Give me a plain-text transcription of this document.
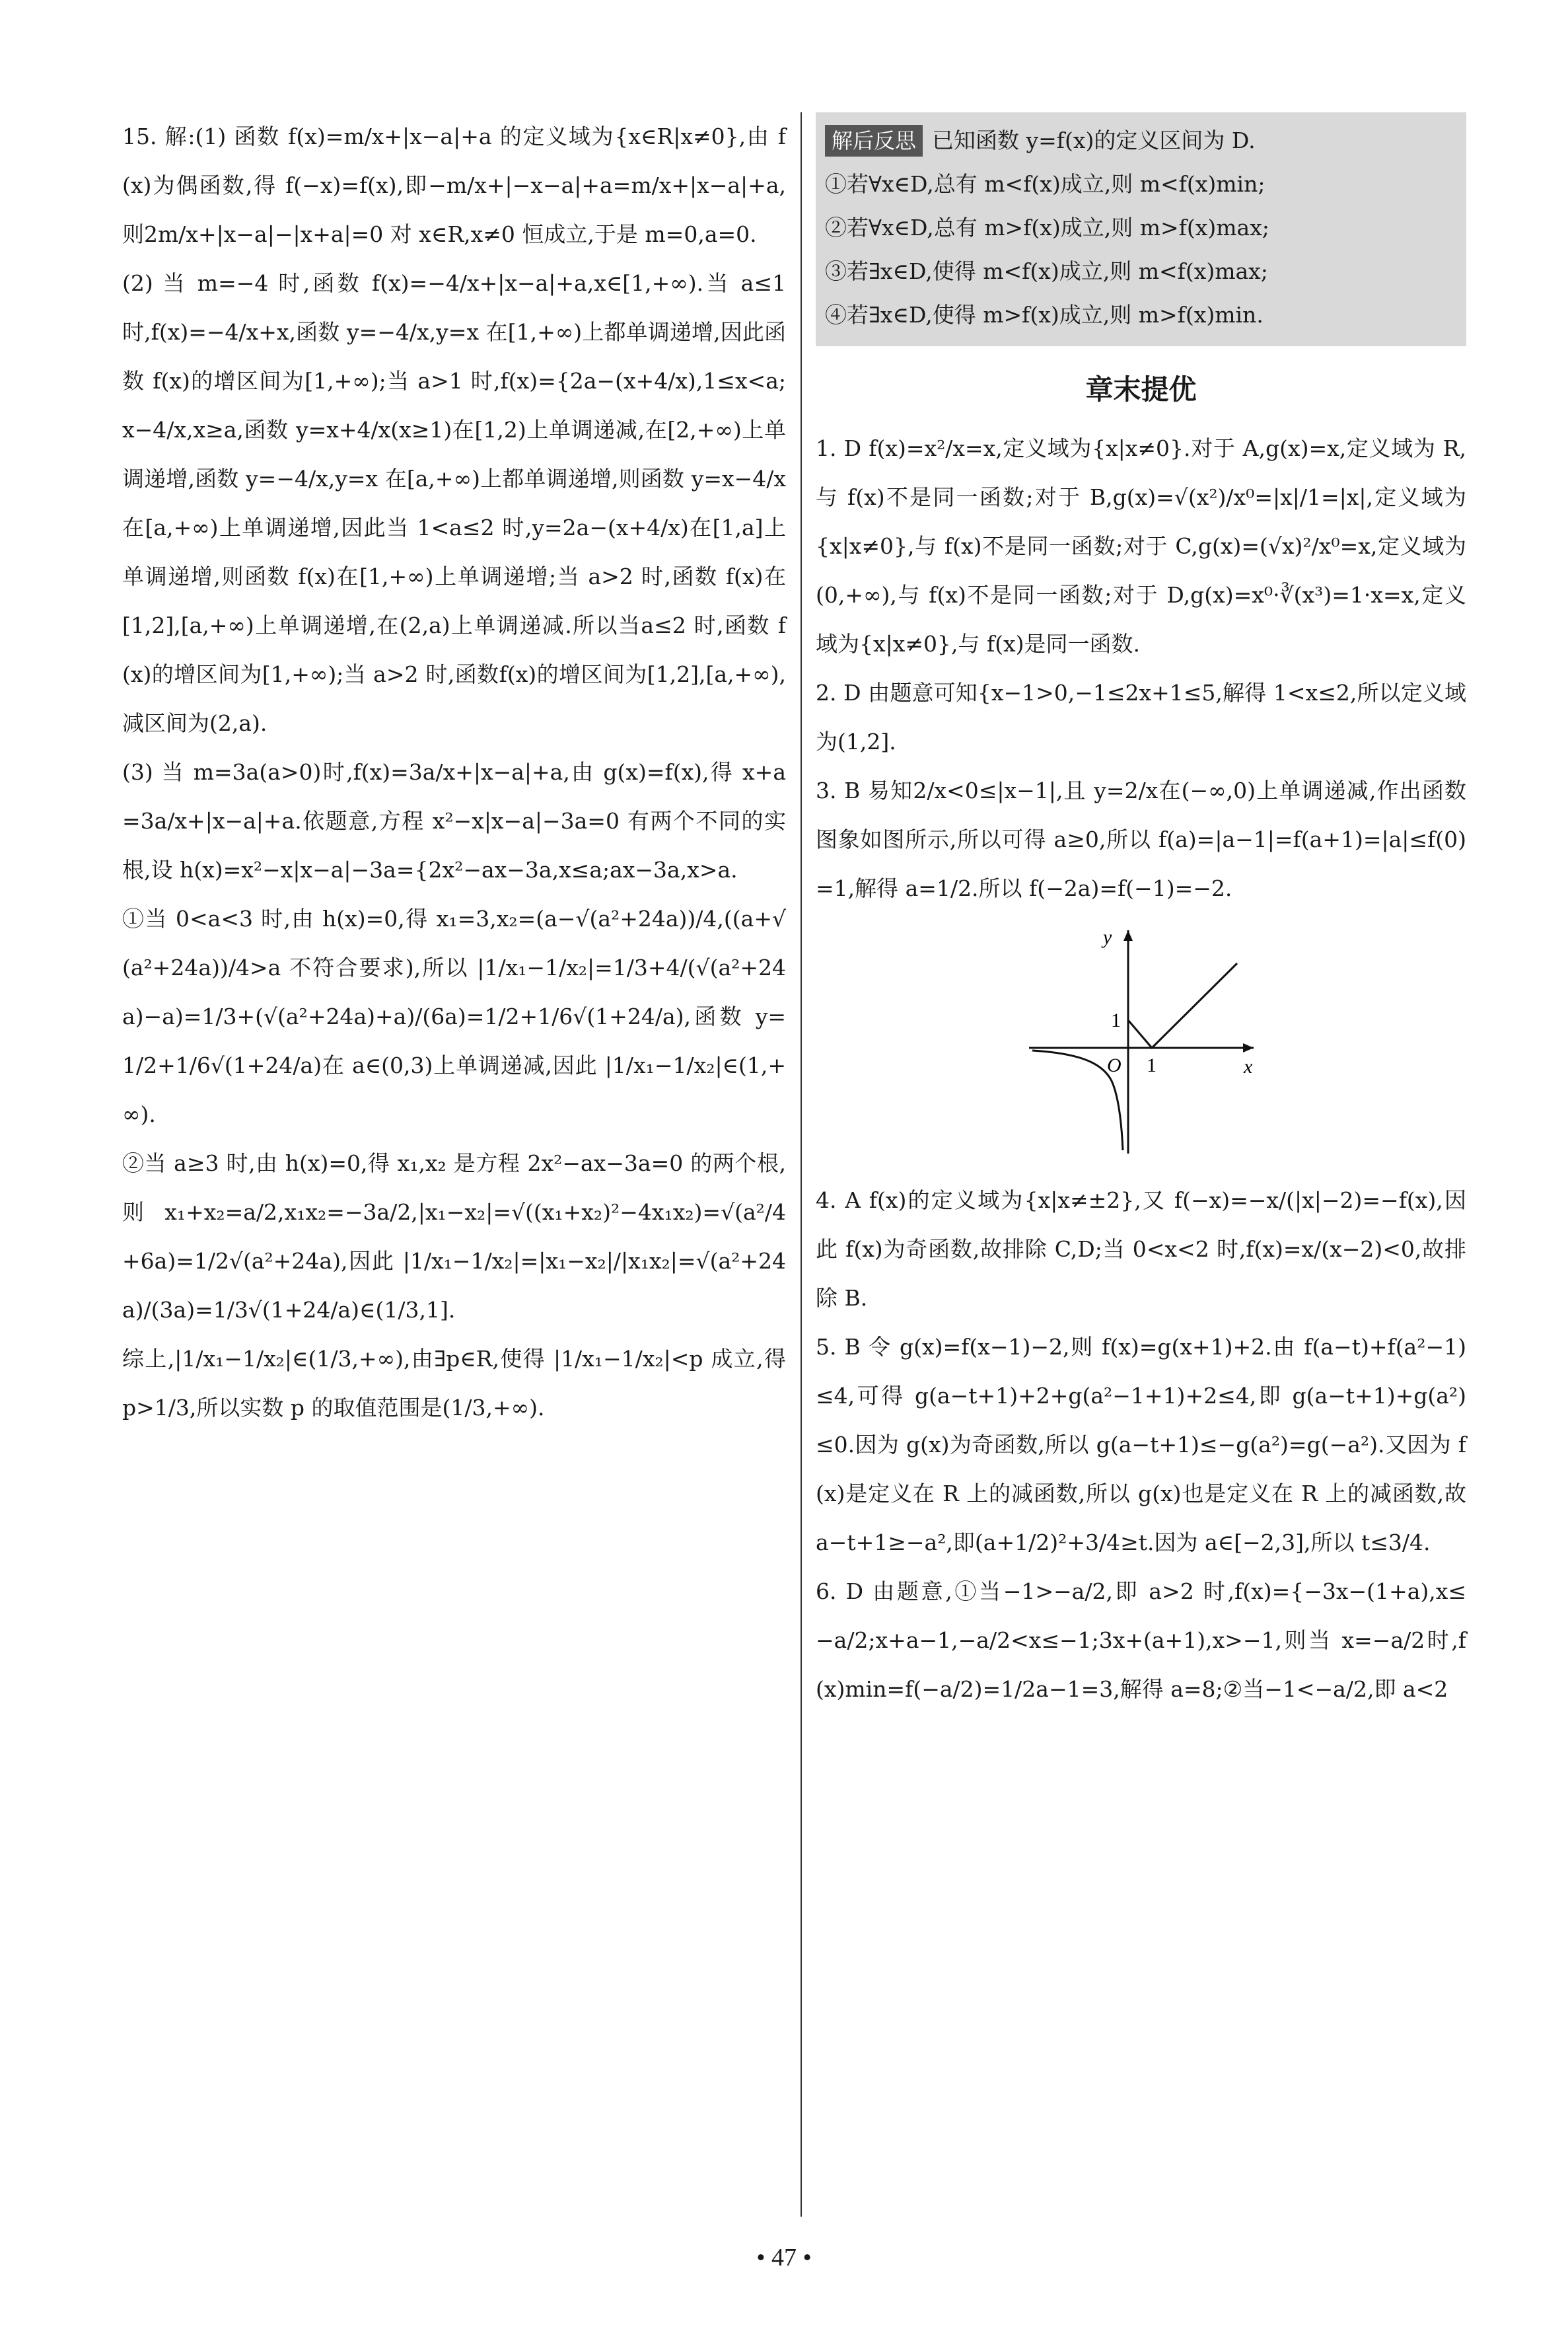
15. 解:(1) 函数 f(x)=m/x+|x−a|+a 的定义域为{x∈R|x≠0},由 f(x)为偶函数,得 f(−x)=f(x),即−m/x+|−x−a|+a=m/x+|x−a|+a,则2m/x+|x−a|−|x+a|=0 对 x∈R,x≠0 恒成立,于是 m=0,a=0.

(2) 当 m=−4 时,函数 f(x)=−4/x+|x−a|+a,x∈[1,+∞).当 a≤1 时,f(x)=−4/x+x,函数 y=−4/x,y=x 在[1,+∞)上都单调递增,因此函数 f(x)的增区间为[1,+∞);当 a>1 时,f(x)={2a−(x+4/x),1≤x<a;x−4/x,x≥a,函数 y=x+4/x(x≥1)在[1,2)上单调递减,在[2,+∞)上单调递增,函数 y=−4/x,y=x 在[a,+∞)上都单调递增,则函数 y=x−4/x 在[a,+∞)上单调递增,因此当 1<a≤2 时,y=2a−(x+4/x)在[1,a]上单调递增,则函数 f(x)在[1,+∞)上单调递增;当 a>2 时,函数 f(x)在[1,2],[a,+∞)上单调递增,在(2,a)上单调递减.所以当a≤2 时,函数 f(x)的增区间为[1,+∞);当 a>2 时,函数f(x)的增区间为[1,2],[a,+∞),减区间为(2,a).

(3) 当 m=3a(a>0)时,f(x)=3a/x+|x−a|+a,由 g(x)=f(x),得 x+a=3a/x+|x−a|+a.依题意,方程 x²−x|x−a|−3a=0 有两个不同的实根,设 h(x)=x²−x|x−a|−3a={2x²−ax−3a,x≤a;ax−3a,x>a.

①当 0<a<3 时,由 h(x)=0,得 x₁=3,x₂=(a−√(a²+24a))/4,((a+√(a²+24a))/4>a 不符合要求),所以 |1/x₁−1/x₂|=1/3+4/(√(a²+24a)−a)=1/3+(√(a²+24a)+a)/(6a)=1/2+1/6√(1+24/a),函数 y=1/2+1/6√(1+24/a)在 a∈(0,3)上单调递减,因此 |1/x₁−1/x₂|∈(1,+∞).

②当 a≥3 时,由 h(x)=0,得 x₁,x₂ 是方程 2x²−ax−3a=0 的两个根,则 x₁+x₂=a/2,x₁x₂=−3a/2,|x₁−x₂|=√((x₁+x₂)²−4x₁x₂)=√(a²/4+6a)=1/2√(a²+24a),因此 |1/x₁−1/x₂|=|x₁−x₂|/|x₁x₂|=√(a²+24a)/(3a)=1/3√(1+24/a)∈(1/3,1].

综上,|1/x₁−1/x₂|∈(1/3,+∞),由∃p∈R,使得 |1/x₁−1/x₂|<p 成立,得 p>1/3,所以实数 p 的取值范围是(1/3,+∞).

解后反思 已知函数 y=f(x)的定义区间为 D.

①若∀x∈D,总有 m<f(x)成立,则 m<f(x)min;

②若∀x∈D,总有 m>f(x)成立,则 m>f(x)max;

③若∃x∈D,使得 m<f(x)成立,则 m<f(x)max;

④若∃x∈D,使得 m>f(x)成立,则 m>f(x)min.

章末提优

1. D f(x)=x²/x=x,定义域为{x|x≠0}.对于 A,g(x)=x,定义域为 R,与 f(x)不是同一函数;对于 B,g(x)=√(x²)/x⁰=|x|/1=|x|,定义域为{x|x≠0},与 f(x)不是同一函数;对于 C,g(x)=(√x)²/x⁰=x,定义域为(0,+∞),与 f(x)不是同一函数;对于 D,g(x)=x⁰·∛(x³)=1·x=x,定义域为{x|x≠0},与 f(x)是同一函数.

2. D 由题意可知{x−1>0,−1≤2x+1≤5,解得 1<x≤2,所以定义域为(1,2].

3. B 易知2/x<0≤|x−1|,且 y=2/x在(−∞,0)上单调递减,作出函数图象如图所示,所以可得 a≥0,所以 f(a)=|a−1|=f(a+1)=|a|≤f(0)=1,解得 a=1/2.所以 f(−2a)=f(−1)=−2.

y
x
O 1
1

4. A f(x)的定义域为{x|x≠±2},又 f(−x)=−x/(|x|−2)=−f(x),因此 f(x)为奇函数,故排除 C,D;当 0<x<2 时,f(x)=x/(x−2)<0,故排除 B.

5. B 令 g(x)=f(x−1)−2,则 f(x)=g(x+1)+2.由 f(a−t)+f(a²−1)≤4,可得 g(a−t+1)+2+g(a²−1+1)+2≤4,即 g(a−t+1)+g(a²)≤0.因为 g(x)为奇函数,所以 g(a−t+1)≤−g(a²)=g(−a²).又因为 f(x)是定义在 R 上的减函数,所以 g(x)也是定义在 R 上的减函数,故 a−t+1≥−a²,即(a+1/2)²+3/4≥t.因为 a∈[−2,3],所以 t≤3/4.

6. D 由题意,①当−1>−a/2,即 a>2 时,f(x)={−3x−(1+a),x≤−a/2;x+a−1,−a/2<x≤−1;3x+(a+1),x>−1,则当 x=−a/2时,f(x)min=f(−a/2)=1/2a−1=3,解得 a=8;②当−1<−a/2,即 a<2

• 47 •
